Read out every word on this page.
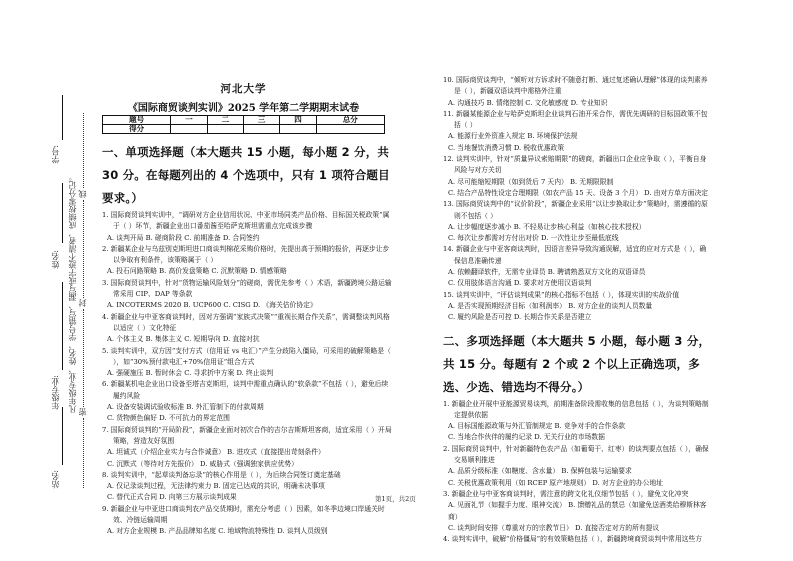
学号:
姓名:
年级专业:
站名:
凡年级专业、姓名、学号错写、漏写或字迹不清者，成绩按零分记。 线
封
密
河北大学
《国际商贸谈判实训》2025 学年第二学期期末试卷
题号	一	二	三	四	总分
得分					
一、单项选择题（本大题共 15 小题，每小题 2 分，共 30 分。在每题列出的 4 个选项中，只有 1 项符合题目要求。）
1. 国际商贸谈判实训中，“调研对方企业信用状况、中亚市场同类产品价格、目标国关税政策”属于（ ）环节，新疆企业出口番茄酱至哈萨克斯坦需重点完成该步骤
A. 谈判开局 B. 磋商阶段 C. 前期准备 D. 合同签约
2. 新疆某企业与乌兹别克斯坦进口商谈判棉花采购价格时，先提出高于预期的报价，再逐步让步以争取有利条件，该策略属于（ ）
A. 投石问路策略 B. 高价发盘策略 C. 沉默策略 D. 情感策略
3. 国际商贸谈判中，针对“货物运输风险划分”的磋商，需优先参考（ ）术语，新疆跨境公路运输常采用 CIP、DAP 等条款
A. INCOTERMS 2020 B. UCP600 C. CISG D. 《海关估价协定》
4. 新疆企业与中亚客商谈判时，因对方强调“家族式决策”“重视长期合作关系”，需调整谈判风格以适应（ ）文化特征
A. 个体主义 B. 集体主义 C. 短期导向 D. 直接对抗
5. 谈判实训中，双方因“支付方式（信用证 vs 电汇）”产生分歧陷入僵局，可采用的破解策略是（ ），如“30%预付款电汇+70%信用证”组合方式
A. 强硬施压 B. 暂时休会 C. 寻求折中方案 D. 终止谈判
6. 新疆某机电企业出口设备至塔吉克斯坦，谈判中需重点确认的“软条款”不包括（ ），避免后续履约风险
A. 设备安装调试验收标准 B. 外汇管制下的付款周期
C. 货物颜色偏好 D. 不可抗力的界定范围
7. 国际商贸谈判的“开局阶段”，新疆企业面对初次合作的吉尔吉斯斯坦客商，适宜采用（ ）开局策略，营造友好氛围
A. 坦诚式（介绍企业实力与合作诚意） B. 进攻式（直接提出苛刻条件）
C. 沉默式（等待对方先报价） D. 威胁式（强调独家供应优势）
8. 谈判实训中，“起草谈判备忘录”的核心作用是（ ），为后续合同签订奠定基础
A. 仅记录谈判过程，无法律约束力 B. 固定已达成的共识，明确未决事项
C. 替代正式合同 D. 向第三方展示谈判成果
9. 新疆企业与中亚进口商谈判农产品交货期时，需充分考虑（ ）因素，如冬季边境口岸通关时效、冷链运输周期
A. 对方企业规模 B. 产品品牌知名度 C. 地域物流特殊性 D. 谈判人员级别
10. 国际商贸谈判中，“倾听对方诉求时不随意打断、通过复述确认理解”体现的谈判素养是（ ），新疆双语谈判中需格外注重
A. 沟通技巧 B. 情绪控制 C. 文化敏感度 D. 专业知识
11. 新疆某能源企业与哈萨克斯坦企业谈判石油开采合作，需优先调研的目标国政策不包括（ ）
A. 能源行业外资准入规定 B. 环境保护法规
C. 当地餐饮消费习惯 D. 税收优惠政策
12. 谈判实训中，针对“质量异议索赔期限”的磋商，新疆出口企业应争取（ ），平衡自身风险与对方关切
A. 尽可能缩短期限（如到货后 7 天内） B. 无期限限制
C. 结合产品特性设定合理期限（如农产品 15 天、设备 3 个月） D. 由对方单方面决定
13. 国际商贸谈判中的“议价阶段”，新疆企业采用“以让步换取让步”策略时，需遵循的原则不包括（ ）
A. 让步幅度逐步减小 B. 不轻易让步核心利益（如核心技术授权）
C. 每次让步都需对方付出对价 D. 一次性让步至最低底线
14. 新疆企业与中亚客商谈判时，因语言差异导致沟通误解，适宜的应对方式是（ ），确保信息准确传递
A. 依赖翻译软件，无需专业译员 B. 聘请熟悉双方文化的双语译员
C. 仅用肢体语言沟通 D. 要求对方使用汉语谈判
15. 谈判实训中，“评估谈判成果”的核心指标不包括（ ），体现实训的实战价值
A. 是否实现预期经济目标（如利润率） B. 对方企业的谈判人员数量
C. 履约风险是否可控 D. 长期合作关系是否建立
二、多项选择题（本大题共 5 小题，每小题 3 分，共 15 分。每题有 2 个或 2 个以上正确选项，多选、少选、错选均不得分。）
1. 新疆企业开展中亚能源贸易谈判，前期准备阶段需收集的信息包括（ ），为谈判策略制定提供依据
A. 目标国能源政策与外汇管制规定 B. 竞争对手的合作条款
C. 当地合作伙伴的履约记录 D. 无关行业的市场数据
2. 国际商贸谈判中，针对新疆特色农产品（如葡萄干、红枣）的谈判要点包括（ ），确保交易顺利推进
A. 品质分级标准（如糖度、含水量） B. 保鲜包装与运输要求
C. 关税优惠政策利用（如 RCEP 原产地规则） D. 对方企业的办公地址
3. 新疆企业与中亚客商谈判时，需注意的跨文化礼仪细节包括（ ），避免文化冲突
A. 见面礼节（如握手力度、眼神交流） B. 馈赠礼品的禁忌（如避免送酒类给穆斯林客商）
C. 谈判时间安排（尊重对方的宗教节日） D. 直接否定对方的所有提议
4. 谈判实训中，破解“价格僵局”的有效策略包括（ ），新疆跨境商贸谈判中常用这些方
第1页，共2页
